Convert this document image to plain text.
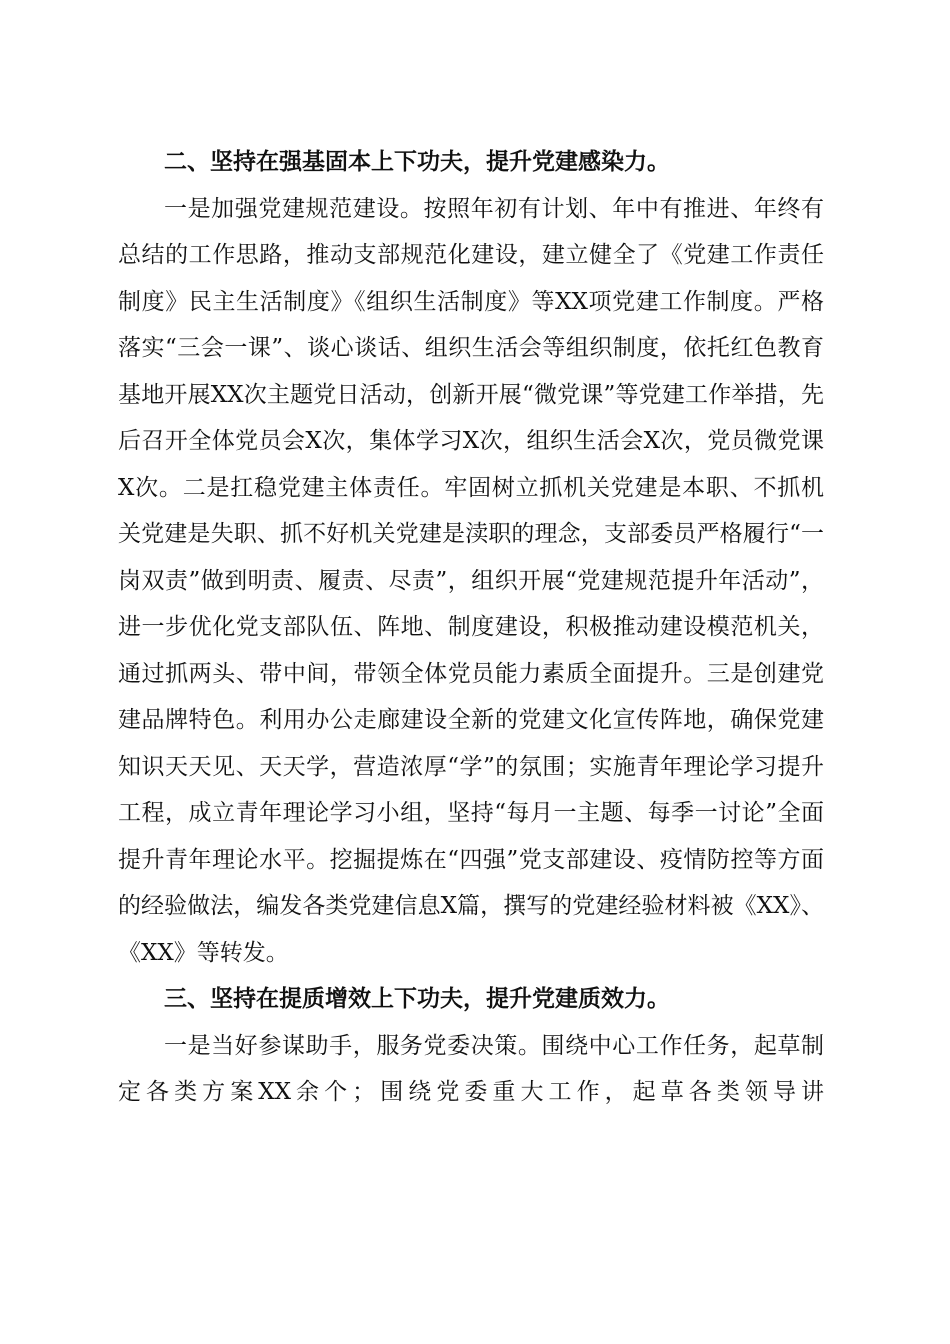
二、坚持在强基固本上下功夫，提升党建感染力。

一是加强党建规范建设。按照年初有计划、年中有推进、年终有总结的工作思路，推动支部规范化建设，建立健全了《党建工作责任制度》民主生活制度》《组织生活制度》等XX项党建工作制度。严格落实“三会一课”、谈心谈话、组织生活会等组织制度，依托红色教育基地开展XX次主题党日活动，创新开展“微党课”等党建工作举措，先后召开全体党员会X次，集体学习X次，组织生活会X次，党员微党课X次。二是扛稳党建主体责任。牢固树立抓机关党建是本职、不抓机关党建是失职、抓不好机关党建是渎职的理念，支部委员严格履行“一岗双责”做到明责、履责、尽责”，组织开展“党建规范提升年活动”，进一步优化党支部队伍、阵地、制度建设，积极推动建设模范机关，通过抓两头、带中间，带领全体党员能力素质全面提升。三是创建党建品牌特色。利用办公走廊建设全新的党建文化宣传阵地，确保党建知识天天见、天天学，营造浓厚“学”的氛围；实施青年理论学习提升工程，成立青年理论学习小组，坚持“每月一主题、每季一讨论”全面提升青年理论水平。挖掘提炼在“四强”党支部建设、疫情防控等方面的经验做法，编发各类党建信息X篇，撰写的党建经验材料被《XX》、《XX》等转发。

三、坚持在提质增效上下功夫，提升党建质效力。

一是当好参谋助手，服务党委决策。围绕中心工作任务，起草制定各类方案XX余个；围绕党委重大工作，起草各类领导讲
